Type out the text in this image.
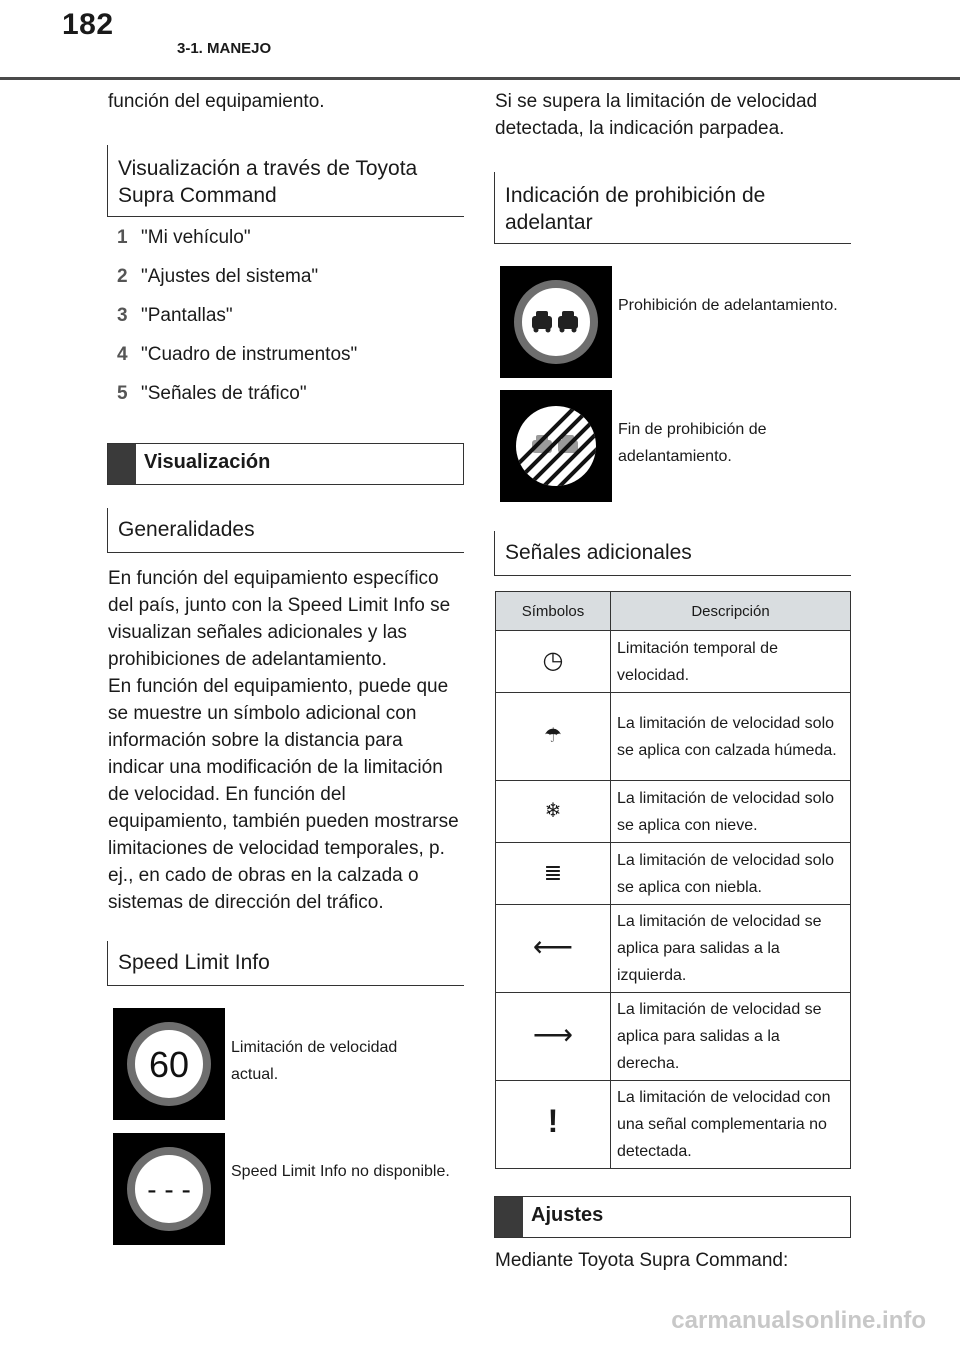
182
3-1. MANEJO
función del equipamiento.
Visualización a través de Toyota Supra Command
1 "Mi vehículo"
2 "Ajustes del sistema"
3 "Pantallas"
4 "Cuadro de instrumentos"
5 "Señales de tráfico"
Visualización
Generalidades
En función del equipamiento específico del país, junto con la Speed Limit Info se visualizan señales adicionales y las prohibiciones de adelantamiento.
En función del equipamiento, puede que se muestre un símbolo adicional con información sobre la distancia para indicar una modificación de la limitación de velocidad. En función del equipamiento, también pueden mostrarse limitaciones de velocidad temporales, p. ej., en cado de obras en la calzada o sistemas de dirección del tráfico.
Speed Limit Info
60	Limitación de velocidad actual.
- - -
Speed Limit Info no disponible.
Si se supera la limitación de velocidad detectada, la indicación parpadea.
Indicación de prohibición de adelantar
Prohibición de adelantamiento.
Fin de prohibición de adelantamiento.
Señales adicionales
Símbolos	Descripción
◷	Limitación temporal de velocidad.
☂	La limitación de velocidad solo se aplica con calzada húmeda.
❄	La limitación de velocidad solo se aplica con nieve.
≣	La limitación de velocidad solo se aplica con niebla.
⟵	La limitación de velocidad se aplica para salidas a la izquierda.
⟶	La limitación de velocidad se aplica para salidas a la derecha.
!	La limitación de velocidad con una señal complementaria no detectada.
Ajustes
Mediante Toyota Supra Command:
carmanualsonline.info
